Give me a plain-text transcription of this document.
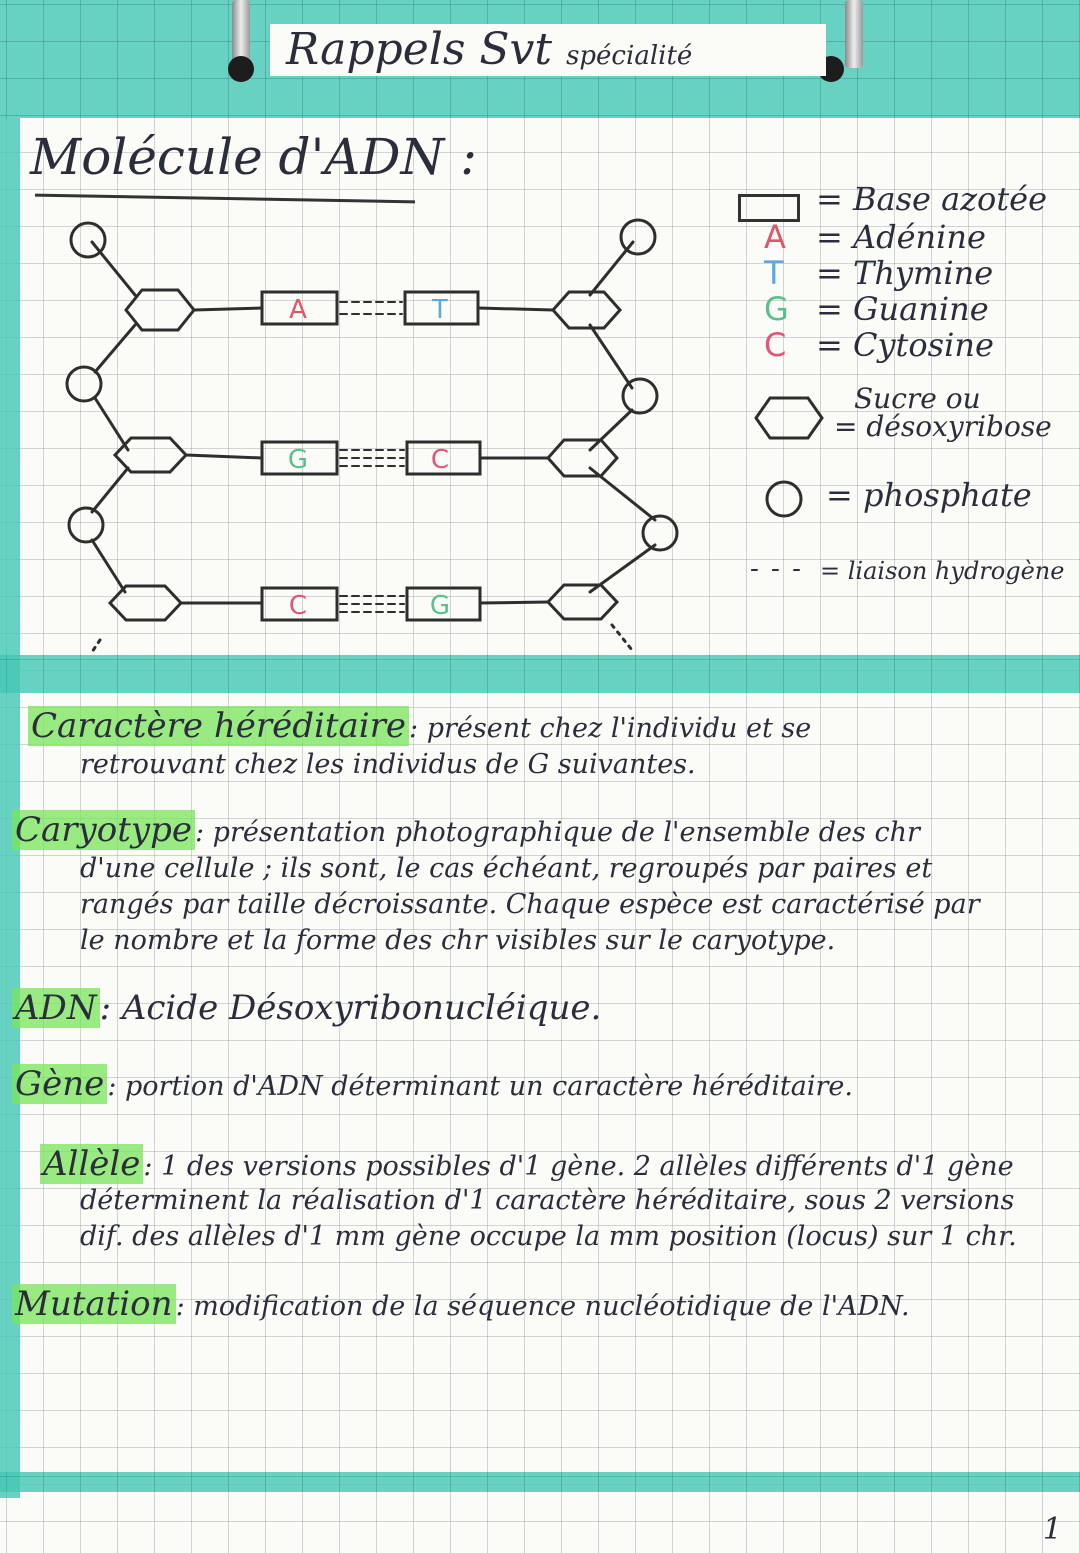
Rappels Svt spécialité
Molécule d'ADN :
A	T
G	C
C	G
= Base azotée
A = Adénine
T = Thymine
G = Guanine
C = Cytosine
Sucre ou
= désoxyribose
= phosphate
- - - = liaison hydrogène
Caractère héréditaire : présent chez l'individu et se
retrouvant chez les individus de G suivantes.
Caryotype : présentation photographique de l'ensemble des chr
d'une cellule ; ils sont, le cas échéant, regroupés par paires et
rangés par taille décroissante. Chaque espèce est caractérisé par
le nombre et la forme des chr visibles sur le caryotype.
ADN: Acide Désoxyribonucléique.
Gène : portion d'ADN déterminant un caractère héréditaire.
Allèle : 1 des versions possibles d'1 gène. 2 allèles différents d'1 gène
déterminent la réalisation d'1 caractère héréditaire, sous 2 versions
dif. des allèles d'1 mm gène occupe la mm position (locus) sur 1 chr.
Mutation : modification de la séquence nucléotidique de l'ADN.
1
